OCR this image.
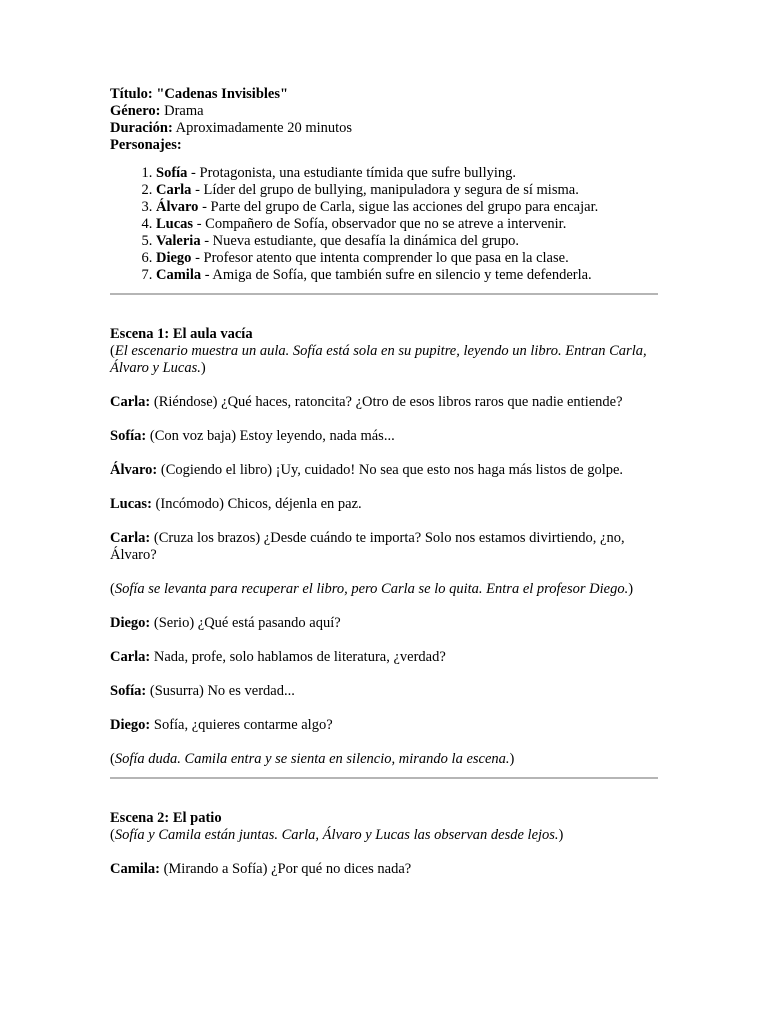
Título: "Cadenas Invisibles"

Género: Drama

Duración: Aproximadamente 20 minutos

Personajes:

1. Sofía - Protagonista, una estudiante tímida que sufre bullying.
2. Carla - Líder del grupo de bullying, manipuladora y segura de sí misma.
3. Álvaro - Parte del grupo de Carla, sigue las acciones del grupo para encajar.
4. Lucas - Compañero de Sofía, observador que no se atreve a intervenir.
5. Valeria - Nueva estudiante, que desafía la dinámica del grupo.
6. Diego - Profesor atento que intenta comprender lo que pasa en la clase.
7. Camila - Amiga de Sofía, que también sufre en silencio y teme defenderla.

Escena 1: El aula vacía

(El escenario muestra un aula. Sofía está sola en su pupitre, leyendo un libro. Entran Carla, Álvaro y Lucas.)

Carla: (Riéndose) ¿Qué haces, ratoncita? ¿Otro de esos libros raros que nadie entiende?

Sofía: (Con voz baja) Estoy leyendo, nada más...

Álvaro: (Cogiendo el libro) ¡Uy, cuidado! No sea que esto nos haga más listos de golpe.

Lucas: (Incómodo) Chicos, déjenla en paz.

Carla: (Cruza los brazos) ¿Desde cuándo te importa? Solo nos estamos divirtiendo, ¿no, Álvaro?

(Sofía se levanta para recuperar el libro, pero Carla se lo quita. Entra el profesor Diego.)

Diego: (Serio) ¿Qué está pasando aquí?

Carla: Nada, profe, solo hablamos de literatura, ¿verdad?

Sofía: (Susurra) No es verdad...

Diego: Sofía, ¿quieres contarme algo?

(Sofía duda. Camila entra y se sienta en silencio, mirando la escena.)

Escena 2: El patio

(Sofía y Camila están juntas. Carla, Álvaro y Lucas las observan desde lejos.)

Camila: (Mirando a Sofía) ¿Por qué no dices nada?
